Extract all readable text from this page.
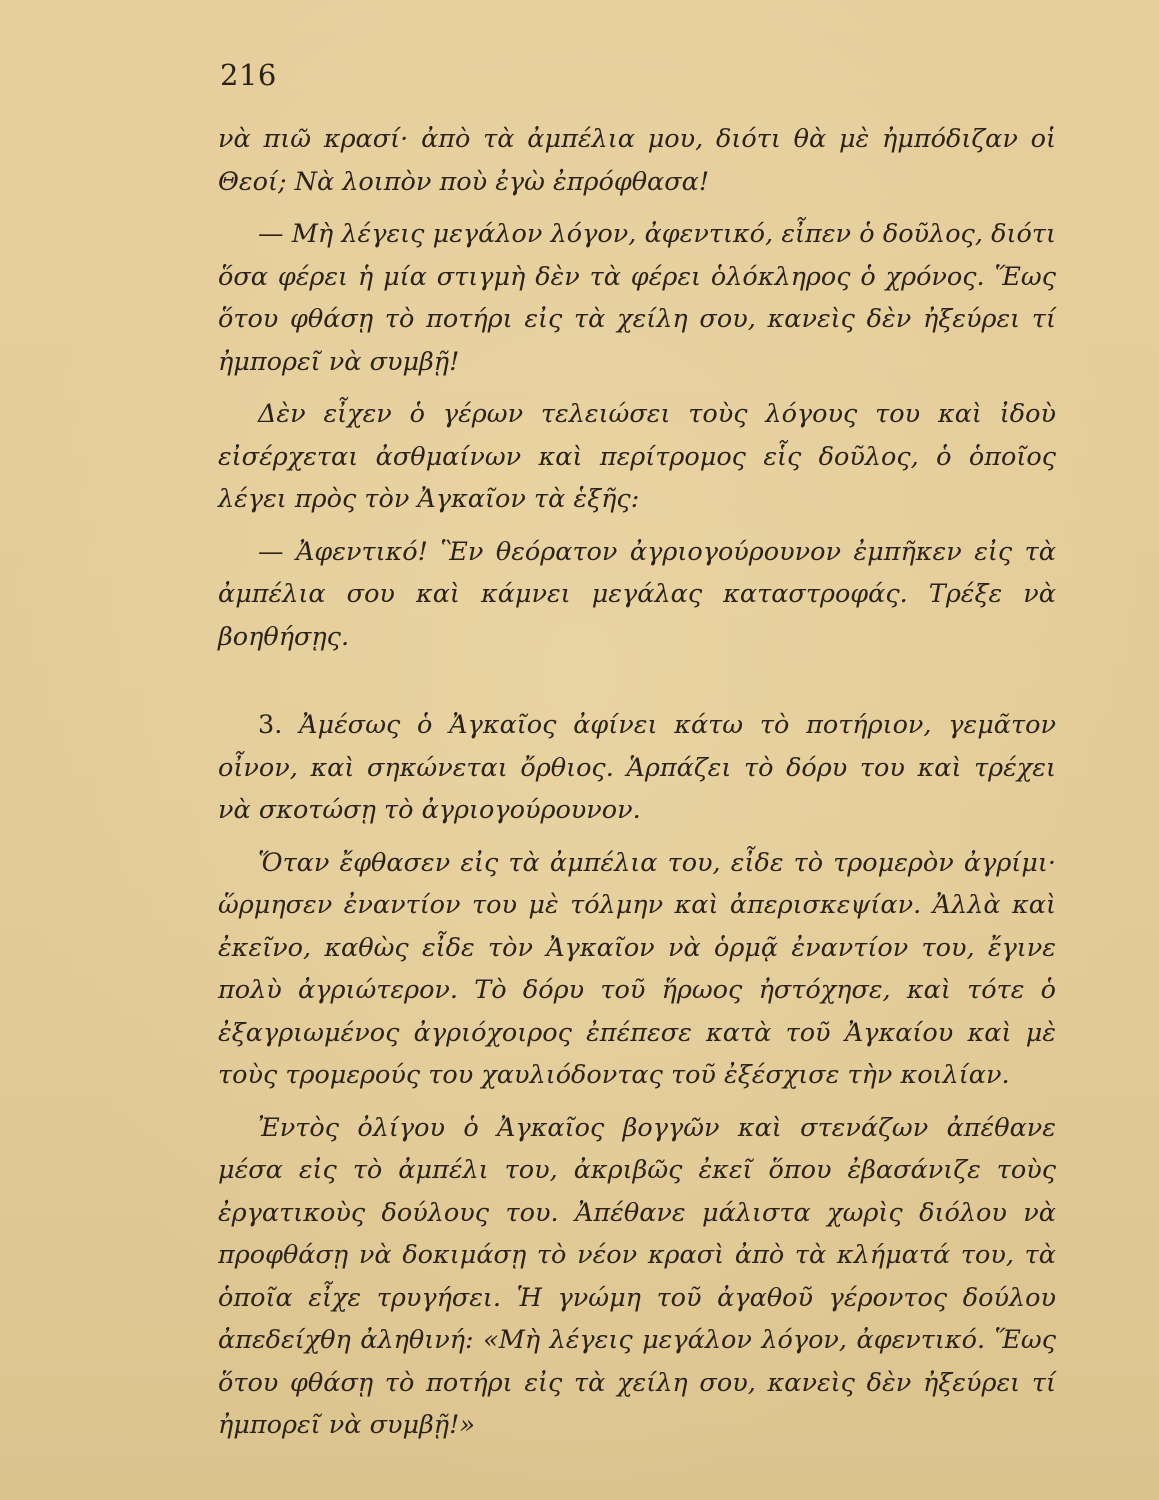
216

νὰ πιῶ κρασί· ἀπὸ τὰ ἀμπέλια μου, διότι θὰ μὲ ἠμπόδιζαν οἱ Θεοί; Νὰ λοιπὸν ποὺ ἐγὼ ἐπρόφθασα!

— Μὴ λέγεις μεγάλον λόγον, ἀφεντικό, εἶπεν ὁ δοῦλος, διότι ὅσα φέρει ἡ μία στιγμὴ δὲν τὰ φέρει ὁλόκληρος ὁ χρόνος. Ἕως ὅτου φθάσῃ τὸ ποτήρι εἰς τὰ χείλη σου, κανεὶς δὲν ἠξεύρει τί ἠμπορεῖ νὰ συμβῇ!

Δὲν εἶχεν ὁ γέρων τελειώσει τοὺς λόγους του καὶ ἰδοὺ εἰσέρχεται ἀσθμαίνων καὶ περίτρομος εἷς δοῦλος, ὁ ὁποῖος λέγει πρὸς τὸν Ἀγκαῖον τὰ ἑξῆς:

— Ἀφεντικό! Ἓν θεόρατον ἀγριογούρουνον ἐμπῆκεν εἰς τὰ ἀμπέλια σου καὶ κάμνει μεγάλας καταστροφάς. Τρέξε νὰ βοηθήσῃς.

3. Ἀμέσως ὁ Ἀγκαῖος ἀφίνει κάτω τὸ ποτήριον, γεμᾶτον οἶνον, καὶ σηκώνεται ὄρθιος. Ἁρπάζει τὸ δόρυ του καὶ τρέχει νὰ σκοτώσῃ τὸ ἀγριογούρουνον.

Ὅταν ἔφθασεν εἰς τὰ ἀμπέλια του, εἶδε τὸ τρομερὸν ἀγρίμι· ὥρμησεν ἐναντίον του μὲ τόλμην καὶ ἀπερισκεψίαν. Ἀλλὰ καὶ ἐκεῖνο, καθὼς εἶδε τὸν Ἀγκαῖον νὰ ὁρμᾷ ἐναντίον του, ἔγινε πολὺ ἀγριώτερον. Τὸ δόρυ τοῦ ἥρωος ἠστόχησε, καὶ τότε ὁ ἐξαγριωμένος ἀγριόχοιρος ἐπέπεσε κατὰ τοῦ Ἀγκαίου καὶ μὲ τοὺς τρομερούς του χαυλιόδοντας τοῦ ἐξέσχισε τὴν κοιλίαν.

Ἐντὸς ὀλίγου ὁ Ἀγκαῖος βογγῶν καὶ στενάζων ἀπέθανε μέσα εἰς τὸ ἀμπέλι του, ἀκριβῶς ἐκεῖ ὅπου ἐβασάνιζε τοὺς ἐργατικοὺς δούλους του. Ἀπέθανε μάλιστα χωρὶς διόλου νὰ προφθάσῃ νὰ δοκιμάσῃ τὸ νέον κρασὶ ἀπὸ τὰ κλήματά του, τὰ ὁποῖα εἶχε τρυγήσει. Ἡ γνώμη τοῦ ἀγαθοῦ γέροντος δούλου ἀπεδείχθη ἀληθινή: «Μὴ λέγεις μεγάλον λόγον, ἀφεντικό. Ἕως ὅτου φθάσῃ τὸ ποτήρι εἰς τὰ χείλη σου, κανεὶς δὲν ἠξεύρει τί ἠμπορεῖ νὰ συμβῇ!»
